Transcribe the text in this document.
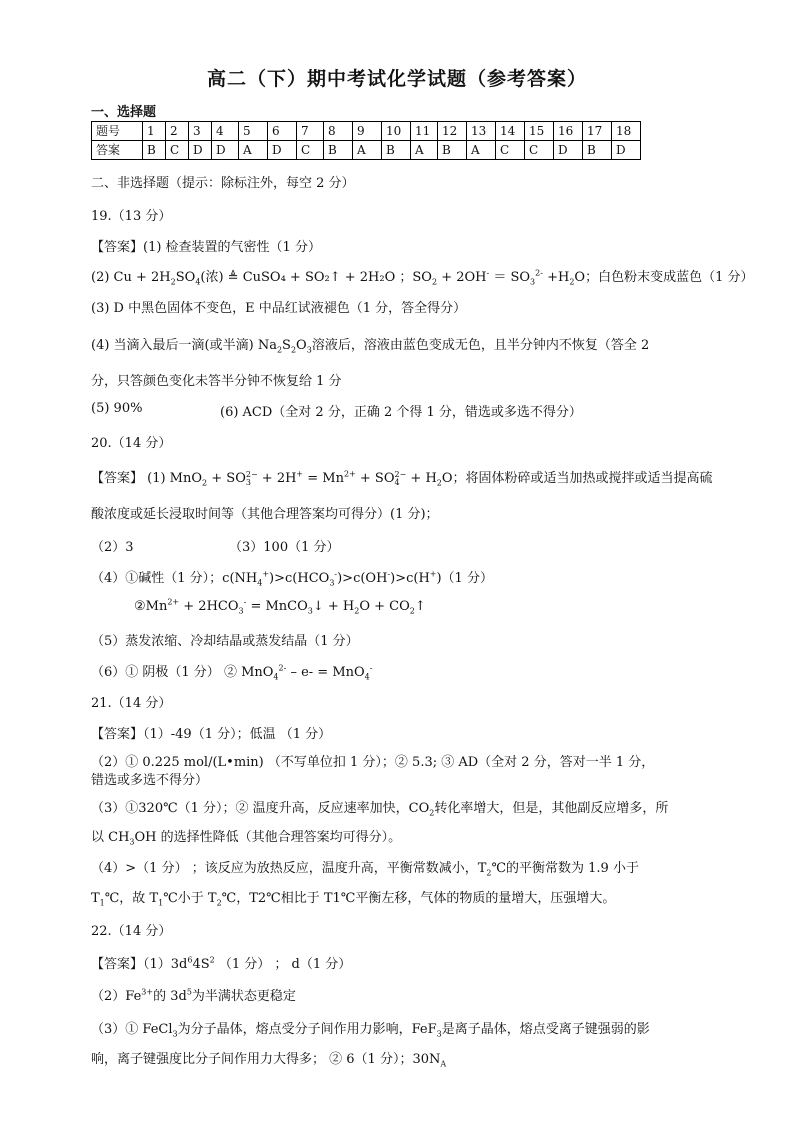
高二（下）期中考试化学试题（参考答案）
一、选择题
题号	1	2	3	4	5	6	7	8	9	10	11	12	13	14	15	16	17	18
答案	B	C	D	D	A	D	C	B	A	B	A	B	A	C	C	D	B	D
二、非选择题（提示：除标注外，每空 2 分）
19.（13 分）
【答案】(1) 检查装置的气密性（1 分）
(2) $Cu + 2H_2SO_4$(浓) ≜ CuSO₄ + SO₂↑ + 2H₂O ；$SO_2 + 2OH^- = SO_3^{2-} +H_2O$；白色粉末变成蓝色（1 分）
(3) D 中黑色固体不变色，E 中品红试液褪色（1 分，答全得分）
(4) 当滴入最后一滴(或半滴) $Na_2S_2O_3$溶液后，溶液由蓝色变成无色，且半分钟内不恢复（答全 2
分，只答颜色变化未答半分钟不恢复给 1 分
(5) 90%	(6) ACD（全对 2 分，正确 2 个得 1 分，错选或多选不得分）
20.（14 分）
【答案】 (1) MnO$_2$ + SO 2−
$3 + 2H^+ = Mn^{2+}$ + SO 2−
$4 + H_2O$；将固体粉碎或适当加热或搅拌或适当提高硫
酸浓度或延长浸取时间等（其他合理答案均可得分）(1 分)；
（2）3	（3）100（1 分）
（4）①碱性（1 分）；$c(NH_4^+)>c(HCO_3^-)>c(OH^-)>c(H^+)(1$ 分）
$②Mn^{2+} + 2HCO_3^-$ = MnCO$_3$↓ + $H_2O$ + $CO_2↑$
（5）蒸发浓缩、冷却结晶或蒸发结晶（1 分）
（6）① 阴极（1 分） ② MnO$_4^{2-}$ – e- = MnO$_4$-
21.（14 分）
【答案】（1）-49（1 分）；低温 （1 分）
（2）① 0.225 mol/(L•min) （不写单位扣 1 分）；② 5.3; ③ AD（全对 2 分，答对一半 1 分，
错选或多选不得分）
（3）①320℃（1 分）；② 温度升高，反应速率加快，$CO_2$转化率增大，但是，其他副反应增多，所
以 $CH_3OH$ 的选择性降低（其他合理答案均可得分）。
（4）>（1 分） ；该反应为放热反应，温度升高，平衡常数减小，$T_2℃$的平衡常数为 1.9 小于
$T_1℃$，故 $T_1℃$小于 $T_2℃$，T2℃相比于 T1℃平衡左移，气体的物质的量增大，压强增大。
22.（14 分）
【答案】$(1)3d^64S^2$ （1 分） ； d（1 分）
$(2)Fe^{3+}$的 $3d^5$为半满状态更稳定
（3）① FeCl$_3$为分子晶体，熔点受分子间作用力影响，FeF$_3$是离子晶体，熔点受离子键强弱的影
响，离子键强度比分子间作用力大得多； ② 6（1 分）；$30N_A$
